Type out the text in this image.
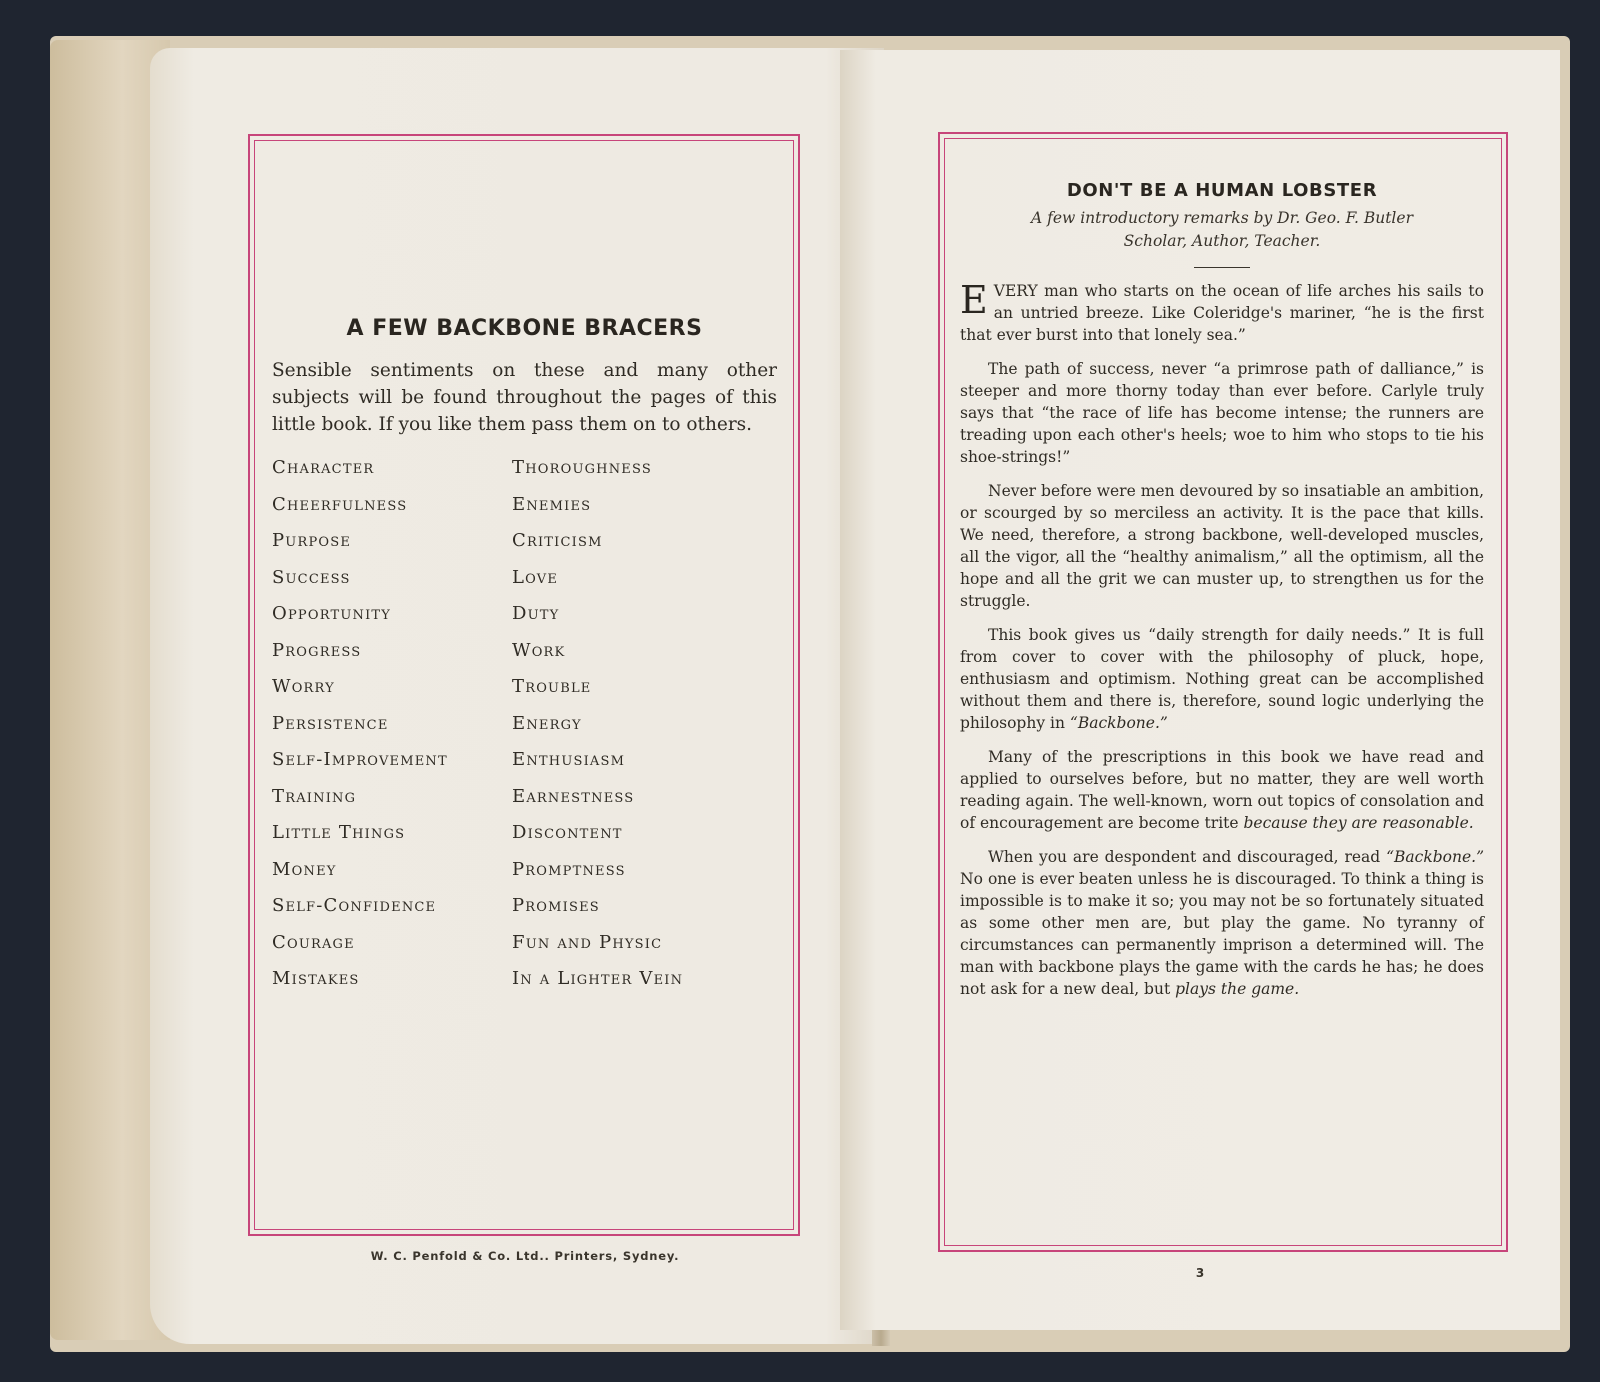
A FEW BACKBONE BRACERS

Sensible sentiments on these and many other subjects will be found throughout the pages of this little book. If you like them pass them on to others.

Character	Thoroughness
Cheerfulness	Enemies
Purpose	Criticism
Success	Love
Opportunity	Duty
Progress	Work
Worry	Trouble
Persistence	Energy
Self-Improvement	Enthusiasm
Training	Earnestness
Little Things	Discontent
Money	Promptness
Self-Confidence	Promises
Courage	Fun and Physic
Mistakes	In a Lighter Vein
W. C. Penfold & Co. Ltd.. Printers, Sydney.
DON'T BE A HUMAN LOBSTER

A few introductory remarks by Dr. Geo. F. Butler
Scholar, Author, Teacher.

EVERY man who starts on the ocean of life arches his sails to an untried breeze. Like Coleridge's mariner, “he is the first that ever burst into that lonely sea.”

The path of success, never “a primrose path of dalliance,” is steeper and more thorny today than ever before. Carlyle truly says that “the race of life has become intense; the runners are treading upon each other's heels; woe to him who stops to tie his shoe-strings!”

Never before were men devoured by so insatiable an ambition, or scourged by so merciless an activity. It is the pace that kills. We need, therefore, a strong backbone, well-developed muscles, all the vigor, all the “healthy animalism,” all the optimism, all the hope and all the grit we can muster up, to strengthen us for the struggle.

This book gives us “daily strength for daily needs.” It is full from cover to cover with the philosophy of pluck, hope, enthusiasm and optimism. Nothing great can be accomplished without them and there is, therefore, sound logic underlying the philosophy in “Backbone.”

Many of the prescriptions in this book we have read and applied to ourselves before, but no matter, they are well worth reading again. The well-known, worn out topics of consolation and of encouragement are become trite because they are reasonable.

When you are despondent and discouraged, read “Backbone.” No one is ever beaten unless he is discouraged. To think a thing is impossible is to make it so; you may not be so fortunately situated as some other men are, but play the game. No tyranny of circumstances can permanently imprison a determined will. The man with backbone plays the game with the cards he has; he does not ask for a new deal, but plays the game.

3
